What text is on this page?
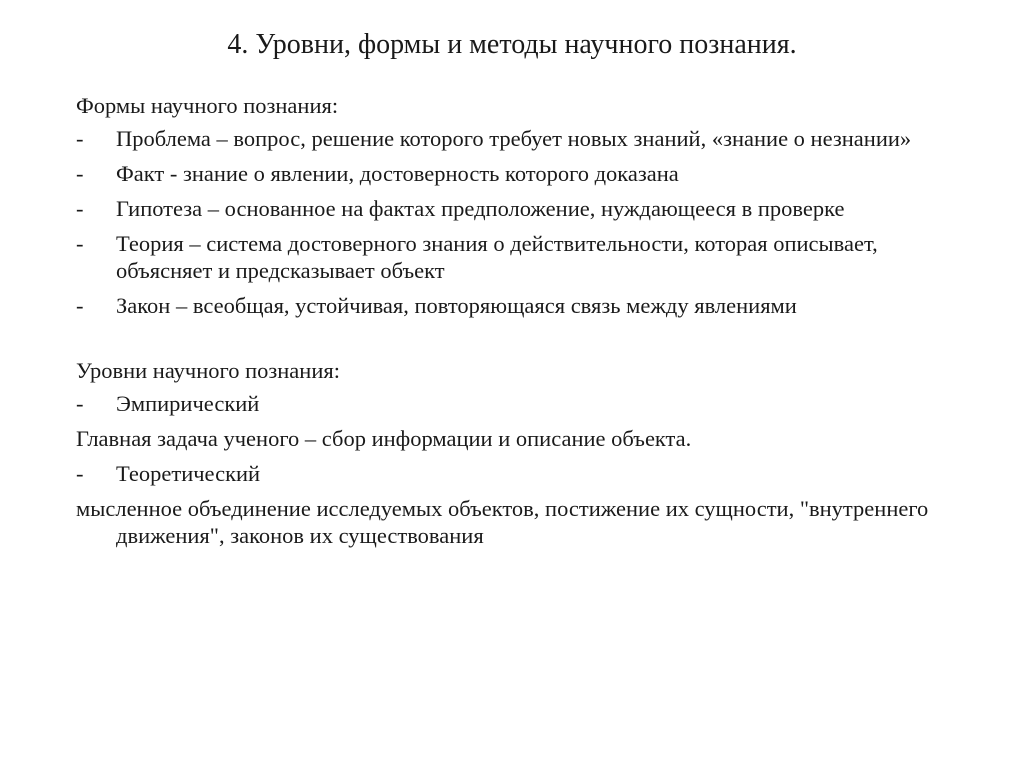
4. Уровни, формы и методы научного познания.
Формы научного познания:
-	Проблема – вопрос, решение которого требует новых знаний, «знание о незнании»
-	Факт - знание о явлении, достоверность которого доказана
-	Гипотеза – основанное на фактах предположение, нуждающееся в проверке
-	Теория – система достоверного знания о действительности, которая описывает, объясняет и предсказывает объект
-	Закон – всеобщая, устойчивая, повторяющаяся связь между явлениями
Уровни научного познания:
-	Эмпирический
Главная задача ученого – сбор информации и описание объекта.
-	Теоретический
мысленное объединение исследуемых объектов, постижение их сущности, "внутреннего движения", законов их существования
